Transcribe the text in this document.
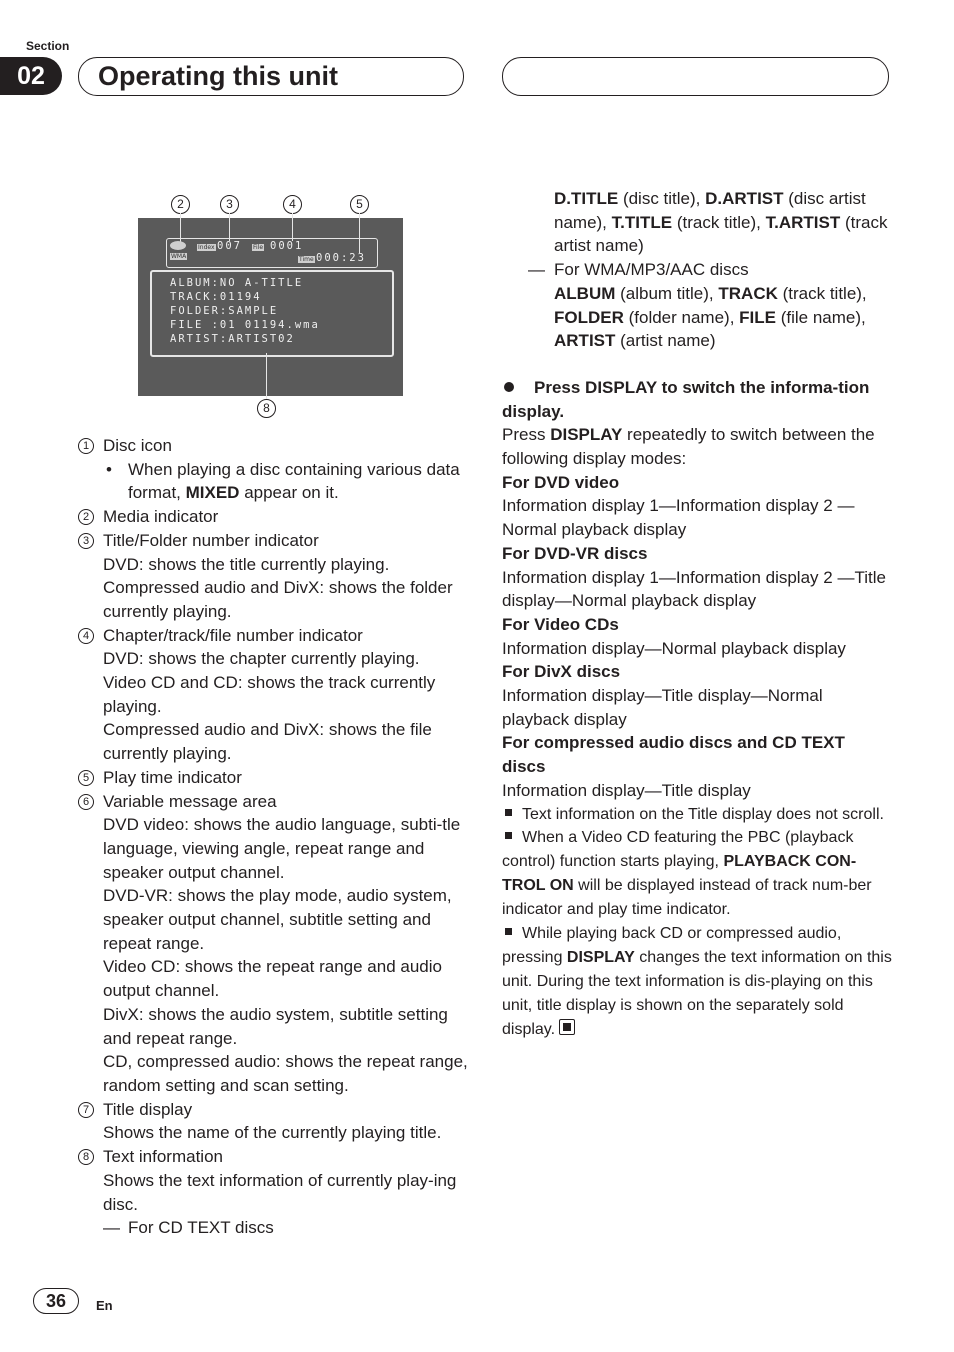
Section
02	Operating this unit
2	3	4	5
8
WMA
Index 007 File 0001
Time 000:23
ALBUM:NO A-TITLE
TRACK:01194
FOLDER:SAMPLE
FILE :01 01194.wma
ARTIST:ARTIST02
1 Disc icon
• When playing a disc containing various data format, MIXED appear on it.
2 Media indicator
3 Title/Folder number indicator

DVD: shows the title currently playing.

Compressed audio and DivX: shows the folder currently playing.

4 Chapter/track/file number indicator

DVD: shows the chapter currently playing.

Video CD and CD: shows the track currently playing.

Compressed audio and DivX: shows the file currently playing.

5 Play time indicator
6 Variable message area

DVD video: shows the audio language, subti-tle language, viewing angle, repeat range and speaker output channel.

DVD-VR: shows the play mode, audio system, speaker output channel, subtitle setting and repeat range.

Video CD: shows the repeat range and audio output channel.

DivX: shows the audio system, subtitle setting and repeat range.

CD, compressed audio: shows the repeat range, random setting and scan setting.

7 Title display

Shows the name of the currently playing title.

8 Text information

Shows the text information of currently play-ing disc.

— For CD TEXT discs

D.TITLE (disc title), D.ARTIST (disc artist name), T.TITLE (track title), T.ARTIST (track artist name)

— For WMA/MP3/AAC discs

ALBUM (album title), TRACK (track title), FOLDER (folder name), FILE (file name), ARTIST (artist name)

Press DISPLAY to switch the informa-tion display.

Press DISPLAY repeatedly to switch between the following display modes:

For DVD video

Information display 1—Information display 2 —Normal playback display

For DVD-VR discs

Information display 1—Information display 2 —Title display—Normal playback display

For Video CDs

Information display—Normal playback display

For DivX discs

Information display—Title display—Normal playback display

For compressed audio discs and CD TEXT discs

Information display—Title display

Text information on the Title display does not scroll.

When a Video CD featuring the PBC (playback control) function starts playing, PLAYBACK CON-TROL ON will be displayed instead of track num-ber indicator and play time indicator.

While playing back CD or compressed audio, pressing DISPLAY changes the text information on this unit. During the text information is dis-playing on this unit, title display is shown on the separately sold display.

36	En
